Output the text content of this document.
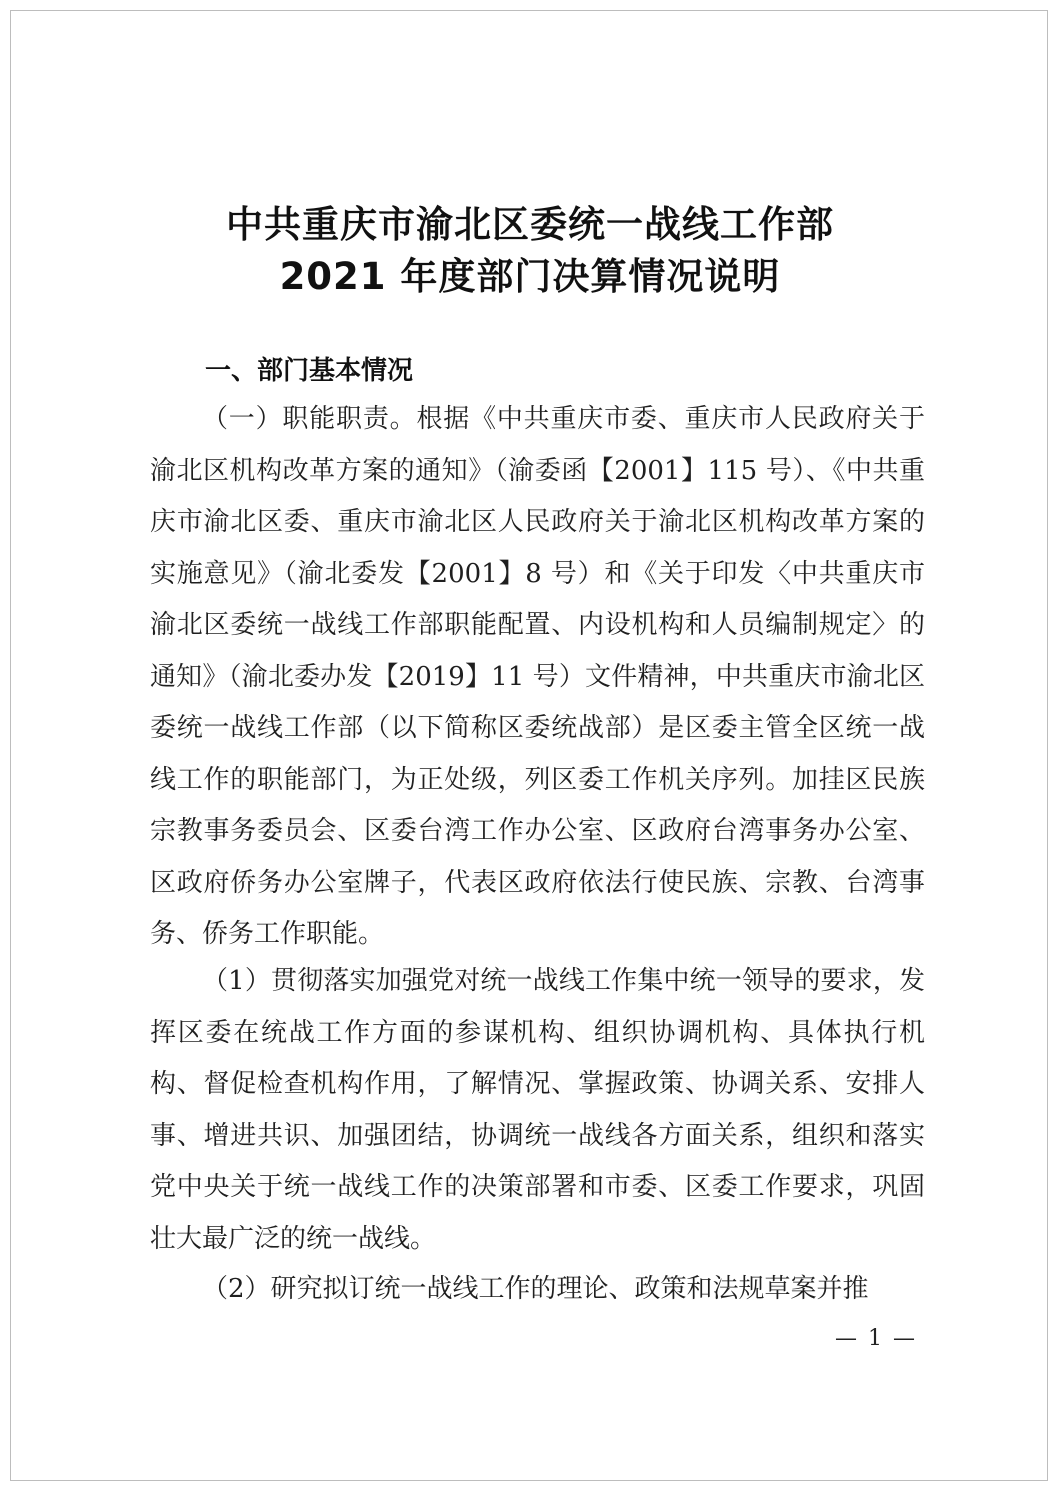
中共重庆市渝北区委统一战线工作部
2021 年度部门决算情况说明
一、部门基本情况

（一）职能职责。根据《中共重庆市委、重庆市人民政府关于渝北区机构改革方案的通知》（渝委函【2001】115 号）、《中共重庆市渝北区委、重庆市渝北区人民政府关于渝北区机构改革方案的实施意见》（渝北委发【2001】8 号）和《关于印发〈中共重庆市渝北区委统一战线工作部职能配置、内设机构和人员编制规定〉的通知》（渝北委办发【2019】11 号）文件精神，中共重庆市渝北区委统一战线工作部（以下简称区委统战部）是区委主管全区统一战线工作的职能部门，为正处级，列区委工作机关序列。加挂区民族宗教事务委员会、区委台湾工作办公室、区政府台湾事务办公室、区政府侨务办公室牌子，代表区政府依法行使民族、宗教、台湾事务、侨务工作职能。

（1）贯彻落实加强党对统一战线工作集中统一领导的要求，发挥区委在统战工作方面的参谋机构、组织协调机构、具体执行机构、督促检查机构作用，了解情况、掌握政策、协调关系、安排人事、增进共识、加强团结，协调统一战线各方面关系，组织和落实党中央关于统一战线工作的决策部署和市委、区委工作要求，巩固壮大最广泛的统一战线。

（2）研究拟订统一战线工作的理论、政策和法规草案并推

— 1 —
